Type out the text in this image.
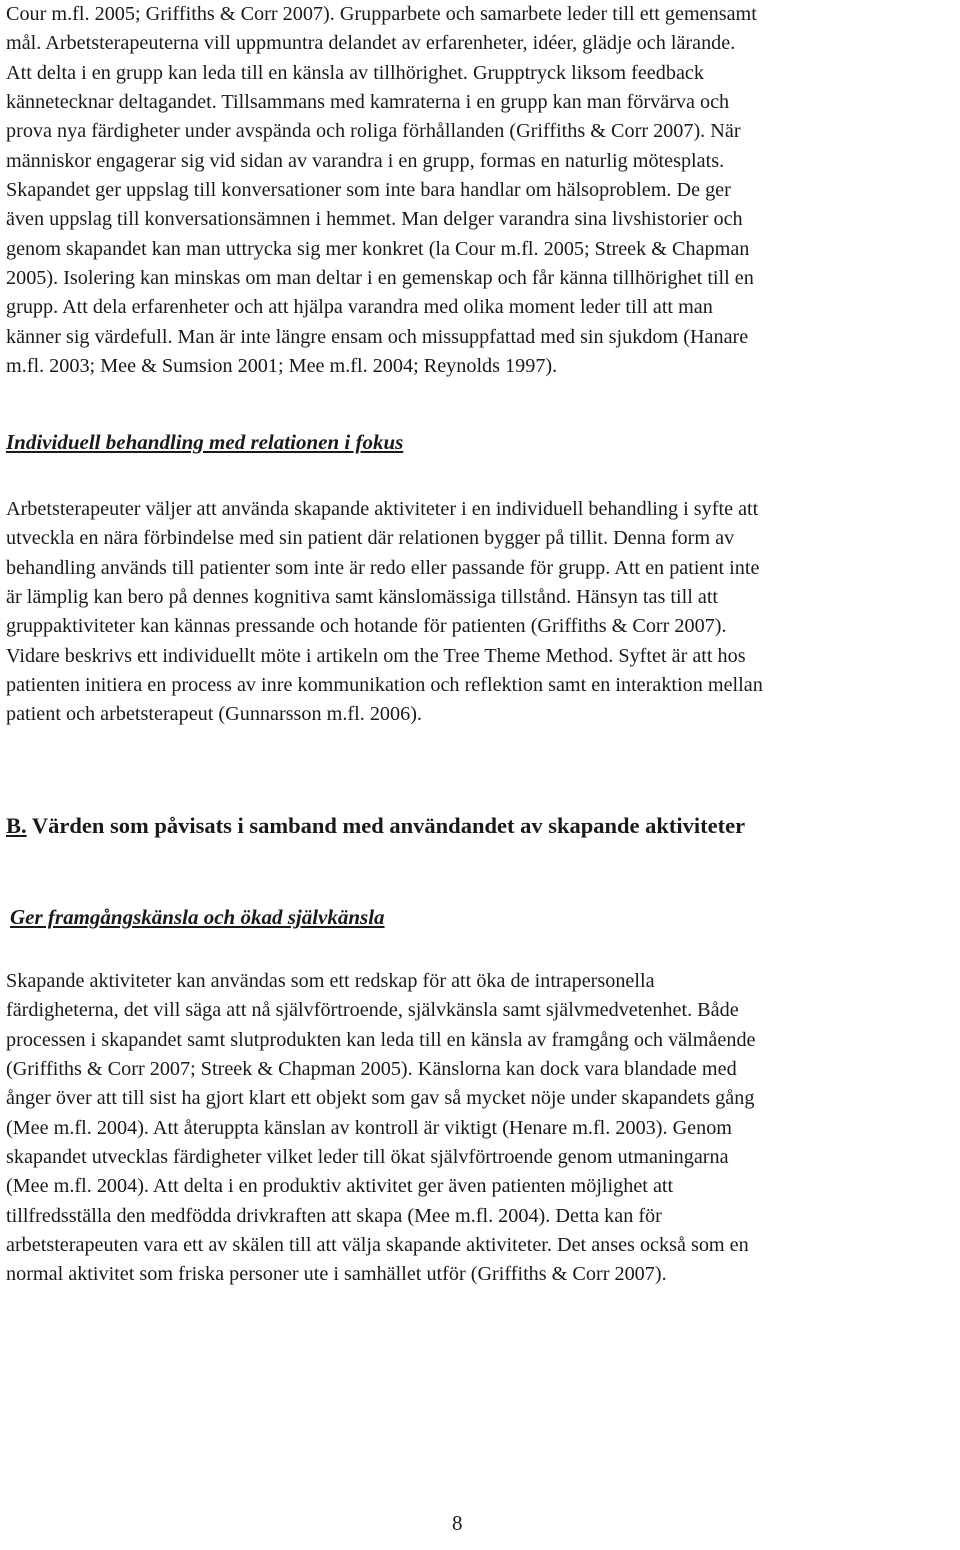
Cour m.fl. 2005; Griffiths & Corr 2007). Grupparbete och samarbete leder till ett gemensamt
mål. Arbetsterapeuterna vill uppmuntra delandet av erfarenheter, idéer, glädje och lärande.
Att delta i en grupp kan leda till en känsla av tillhörighet. Grupptryck liksom feedback
kännetecknar deltagandet. Tillsammans med kamraterna i en grupp kan man förvärva och
prova nya färdigheter under avspända och roliga förhållanden (Griffiths & Corr 2007). När
människor engagerar sig vid sidan av varandra i en grupp, formas en naturlig mötesplats.
Skapandet ger uppslag till konversationer som inte bara handlar om hälsoproblem. De ger
även uppslag till konversationsämnen i hemmet. Man delger varandra sina livshistorier och
genom skapandet kan man uttrycka sig mer konkret (la Cour m.fl. 2005; Streek & Chapman
2005). Isolering kan minskas om man deltar i en gemenskap och får känna tillhörighet till en
grupp. Att dela erfarenheter och att hjälpa varandra med olika moment leder till att man
känner sig värdefull. Man är inte längre ensam och missuppfattad med sin sjukdom (Hanare
m.fl. 2003; Mee & Sumsion 2001; Mee m.fl. 2004; Reynolds 1997).
Individuell behandling med relationen i fokus
Arbetsterapeuter väljer att använda skapande aktiviteter i en individuell behandling i syfte att
utveckla en nära förbindelse med sin patient där relationen bygger på tillit. Denna form av
behandling används till patienter som inte är redo eller passande för grupp. Att en patient inte
är lämplig kan bero på dennes kognitiva samt känslomässiga tillstånd. Hänsyn tas till att
gruppaktiviteter kan kännas pressande och hotande för patienten (Griffiths & Corr 2007).
Vidare beskrivs ett individuellt möte i artikeln om the Tree Theme Method. Syftet är att hos
patienten initiera en process av inre kommunikation och reflektion samt en interaktion mellan
patient och arbetsterapeut (Gunnarsson m.fl. 2006).
B. Värden som påvisats i samband med användandet av skapande aktiviteter
Ger framgångskänsla och ökad självkänsla
Skapande aktiviteter kan användas som ett redskap för att öka de intrapersonella
färdigheterna, det vill säga att nå självförtroende, självkänsla samt självmedvetenhet. Både
processen i skapandet samt slutprodukten kan leda till en känsla av framgång och välmående
(Griffiths & Corr 2007; Streek & Chapman 2005). Känslorna kan dock vara blandade med
ånger över att till sist ha gjort klart ett objekt som gav så mycket nöje under skapandets gång
(Mee m.fl. 2004). Att återuppta känslan av kontroll är viktigt (Henare m.fl. 2003). Genom
skapandet utvecklas färdigheter vilket leder till ökat självförtroende genom utmaningarna
(Mee m.fl. 2004). Att delta i en produktiv aktivitet ger även patienten möjlighet att
tillfredsställa den medfödda drivkraften att skapa (Mee m.fl. 2004). Detta kan för
arbetsterapeuten vara ett av skälen till att välja skapande aktiviteter. Det anses också som en
normal aktivitet som friska personer ute i samhället utför (Griffiths & Corr 2007).
8
